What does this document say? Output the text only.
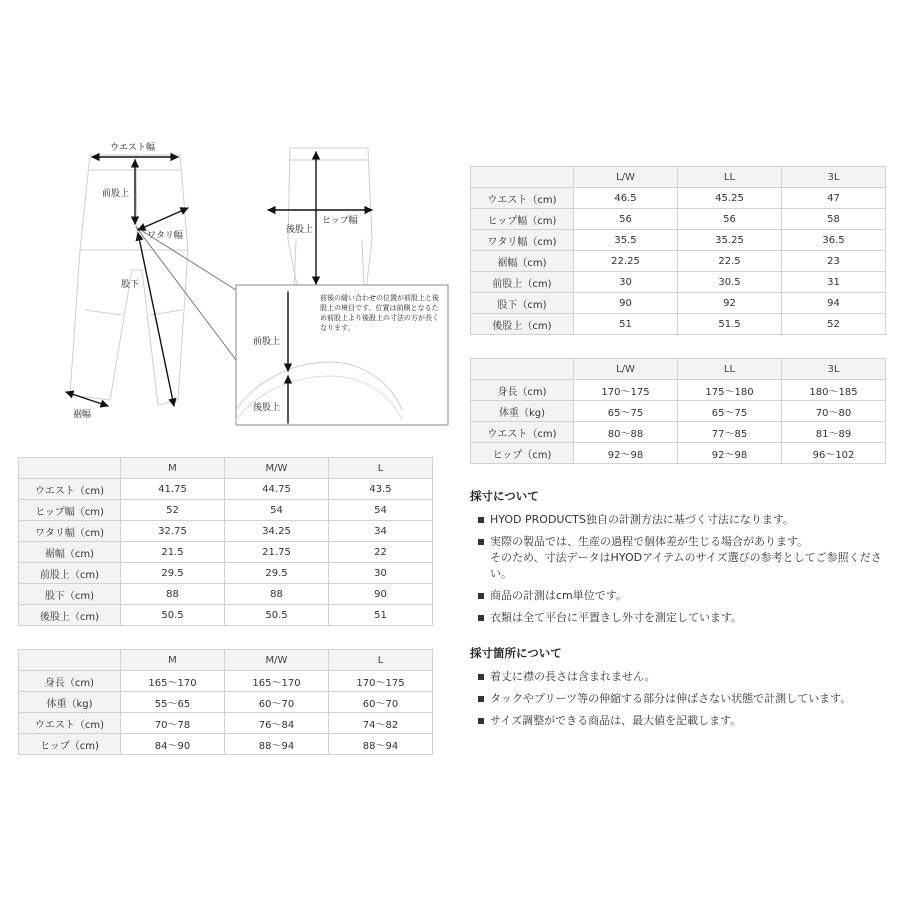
ウエスト幅
前股上
ワタリ幅
股下
裾幅
ヒップ幅
後股上
前股上
後股上
前後の縫い合わせの位置が前股上と後股上の境目です。位置は前側となるため前股上より後股上の寸法の方が長くなります。
	M	M/W	L
ウエスト（cm)	41.75	44.75	43.5
ヒップ幅（cm)	52	54	54
ワタリ幅（cm)	32.75	34.25	34
裾幅（cm)	21.5	21.75	22
前股上（cm)	29.5	29.5	30
股下（cm)	88	88	90
後股上（cm)	50.5	50.5	51
	M	M/W	L
身長（cm)	165〜170	165〜170	170〜175
体重（kg)	55〜65	60〜70	60〜70
ウエスト（cm)	70〜78	76〜84	74〜82
ヒップ（cm)	84〜90	88〜94	88〜94
	L/W	LL	3L
ウエスト（cm)	46.5	45.25	47
ヒップ幅（cm)	56	56	58
ワタリ幅（cm)	35.5	35.25	36.5
裾幅（cm)	22.25	22.5	23
前股上（cm)	30	30.5	31
股下（cm)	90	92	94
後股上（cm)	51	51.5	52
	L/W	LL	3L
身長（cm)	170〜175	175〜180	180〜185
体重（kg)	65〜75	65〜75	70〜80
ウエスト（cm)	80〜88	77〜85	81〜89
ヒップ（cm)	92〜98	92〜98	96〜102
採寸について
HYOD PRODUCTS独自の計測方法に基づく寸法になります。
実際の製品では、生産の過程で個体差が生じる場合があります。
そのため、寸法データはHYODアイテムのサイズ選びの参考としてご参照ください。
商品の計測はcm単位です。
衣類は全て平台に平置きし外寸を測定しています。
採寸箇所について
着丈に襟の長さは含まれません。
タックやプリーツ等の伸縮する部分は伸ばさない状態で計測しています。
サイズ調整ができる商品は、最大値を記載します。
